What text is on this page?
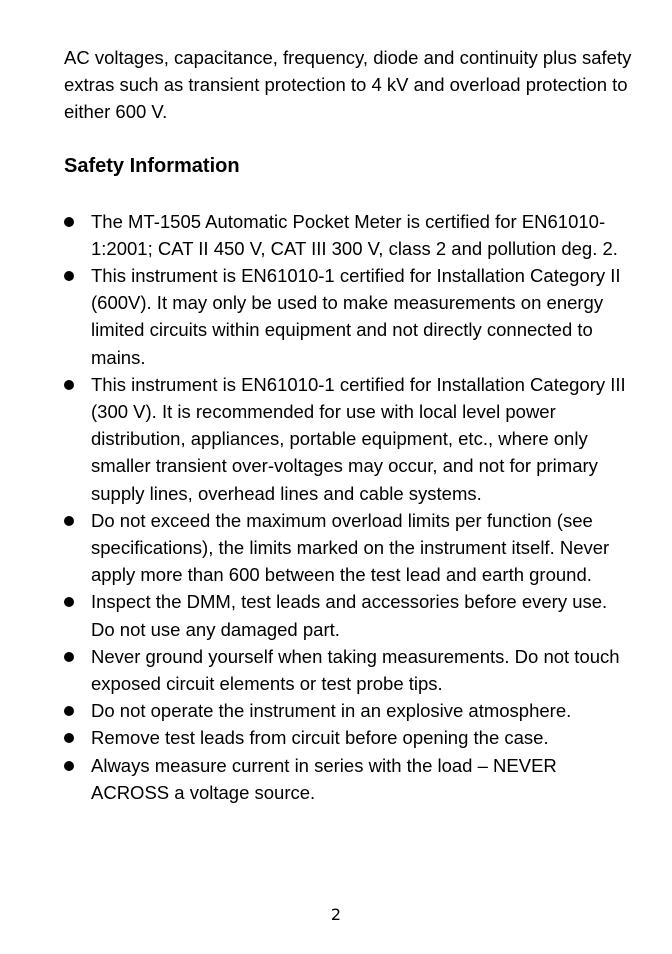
AC voltages, capacitance, frequency, diode and continuity plus safety extras such as transient protection to 4 kV and overload protection to either 600 V.

Safety Information
The MT-1505 Automatic Pocket Meter is certified for EN61010-1:2001; CAT II 450 V, CAT III 300 V, class 2 and pollution deg. 2.
This instrument is EN61010-1 certified for Installation Category II (600V). It may only be used to make measurements on energy limited circuits within equipment and not directly connected to mains.
This instrument is EN61010-1 certified for Installation Category III (300 V). It is recommended for use with local level power distribution, appliances, portable equipment, etc., where only smaller transient over-voltages may occur, and not for primary supply lines, overhead lines and cable systems.
Do not exceed the maximum overload limits per function (see specifications), the limits marked on the instrument itself. Never apply more than 600 between the test lead and earth ground.
Inspect the DMM, test leads and accessories before every use. Do not use any damaged part.
Never ground yourself when taking measurements. Do not touch exposed circuit elements or test probe tips.
Do not operate the instrument in an explosive atmosphere.
Remove test leads from circuit before opening the case.
Always measure current in series with the load – NEVER ACROSS a voltage source.
2
